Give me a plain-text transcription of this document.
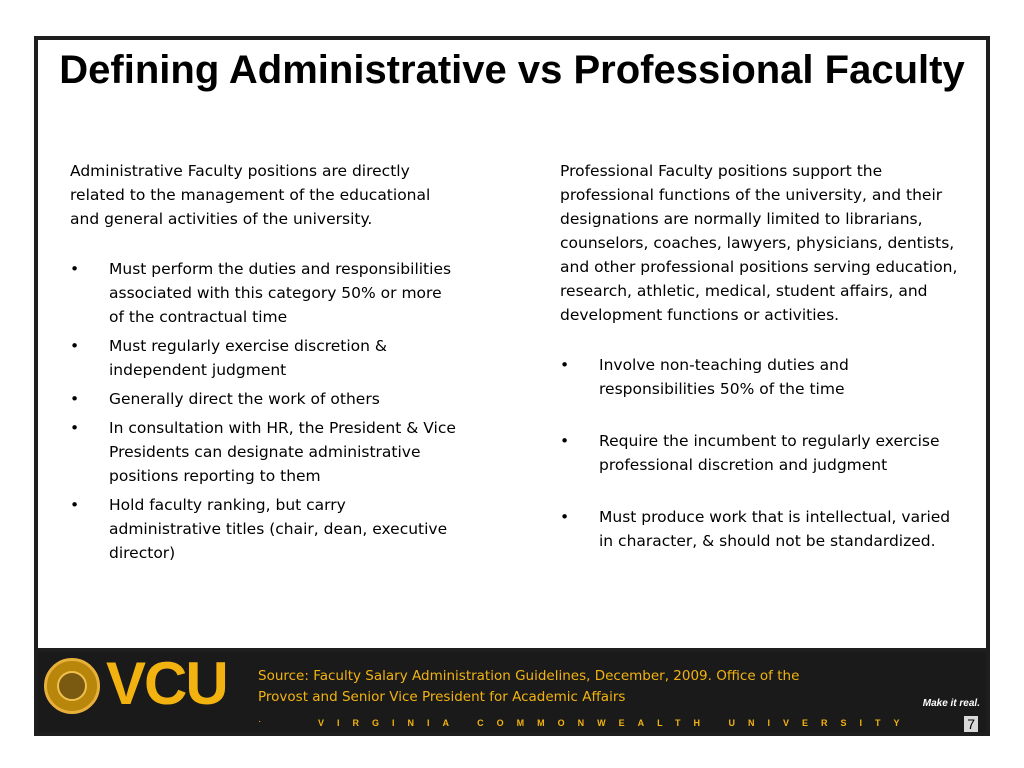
Defining Administrative vs Professional Faculty

Administrative Faculty positions are directly related to the management of the educational and general activities of the university.

• Must perform the duties and responsibilities associated with this category 50% or more of the contractual time
• Must regularly exercise discretion & independent judgment
• Generally direct the work of others
• In consultation with HR, the President & Vice Presidents can designate administrative positions reporting to them
• Hold faculty ranking, but carry administrative titles (chair, dean, executive director)

Professional Faculty positions support the professional functions of the university, and their designations are normally limited to librarians, counselors, coaches, lawyers, physicians, dentists, and other professional positions serving education, research, athletic, medical, student affairs, and development functions or activities.

• Involve non-teaching duties and responsibilities 50% of the time
• Require the incumbent to regularly exercise professional discretion and judgment
• Must produce work that is intellectual, varied in character, & should not be standardized.
VCU Source: Faculty Salary Administration Guidelines, December, 2009. Office of the Provost and Senior Vice President for Academic Affairs
·	VIRGINIA COMMONWEALTH UNIVERSITY
Make it real.
7
